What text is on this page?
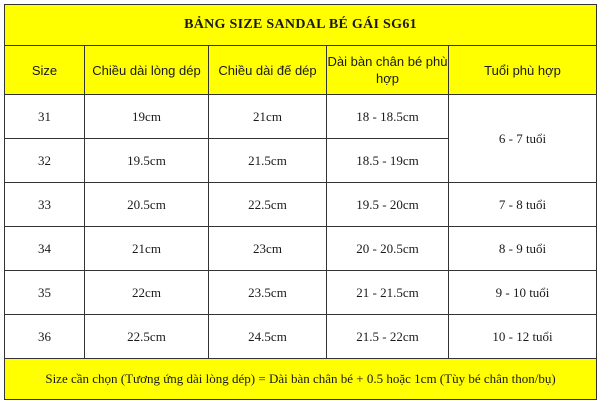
BẢNG SIZE SANDAL BÉ GÁI SG61				
Size	Chiều dài lòng dép	Chiều dài đế dép	Dài bàn chân bé phù hợp	Tuổi phù hợp
31	19cm	21cm	18 - 18.5cm	6 - 7 tuổi
32	19.5cm	21.5cm	18.5 - 19cm	
33	20.5cm	22.5cm	19.5 - 20cm	7 - 8 tuổi
34	21cm	23cm	20 - 20.5cm	8 - 9 tuổi
35	22cm	23.5cm	21 - 21.5cm	9 - 10 tuổi
36	22.5cm	24.5cm	21.5 - 22cm	10 - 12 tuổi
Size cần chọn (Tương ứng dài lòng dép) = Dài bàn chân bé + 0.5 hoặc 1cm (Tùy bé chân thon/bụ)				
